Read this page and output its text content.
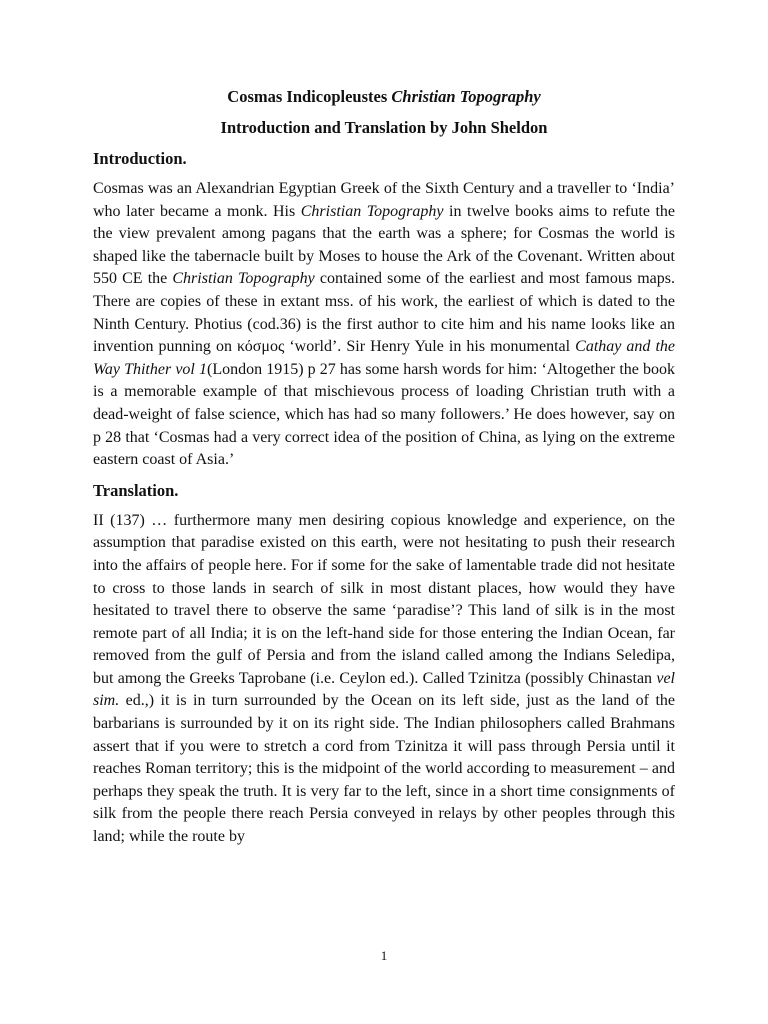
Cosmas Indicopleustes Christian Topography
Introduction and Translation by John Sheldon
Introduction.

Cosmas was an Alexandrian Egyptian Greek of the Sixth Century and a traveller to ‘India’ who later became a monk. His Christian Topography in twelve books aims to refute the the view prevalent among pagans that the earth was a sphere; for Cosmas the world is shaped like the tabernacle built by Moses to house the Ark of the Covenant. Written about 550 CE the Christian Topography contained some of the earliest and most famous maps. There are copies of these in extant mss. of his work, the earliest of which is dated to the Ninth Century. Photius (cod.36) is the first author to cite him and his name looks like an invention punning on κόσμος ‘world’. Sir Henry Yule in his monumental Cathay and the Way Thither vol 1(London 1915) p 27 has some harsh words for him: ‘Altogether the book is a memorable example of that mischievous process of loading Christian truth with a dead-weight of false science, which has had so many followers.’ He does however, say on p 28 that ‘Cosmas had a very correct idea of the position of China, as lying on the extreme eastern coast of Asia.’

Translation.

II (137) … furthermore many men desiring copious knowledge and experience, on the assumption that paradise existed on this earth, were not hesitating to push their research into the affairs of people here. For if some for the sake of lamentable trade did not hesitate to cross to those lands in search of silk in most distant places, how would they have hesitated to travel there to observe the same ‘paradise’? This land of silk is in the most remote part of all India; it is on the left-hand side for those entering the Indian Ocean, far removed from the gulf of Persia and from the island called among the Indians Seledipa, but among the Greeks Taprobane (i.e. Ceylon ed.). Called Tzinitza (possibly Chinastan vel sim. ed.,) it is in turn surrounded by the Ocean on its left side, just as the land of the barbarians is surrounded by it on its right side. The Indian philosophers called Brahmans assert that if you were to stretch a cord from Tzinitza it will pass through Persia until it reaches Roman territory; this is the midpoint of the world according to measurement – and perhaps they speak the truth. It is very far to the left, since in a short time consignments of silk from the people there reach Persia conveyed in relays by other peoples through this land; while the route by

1
